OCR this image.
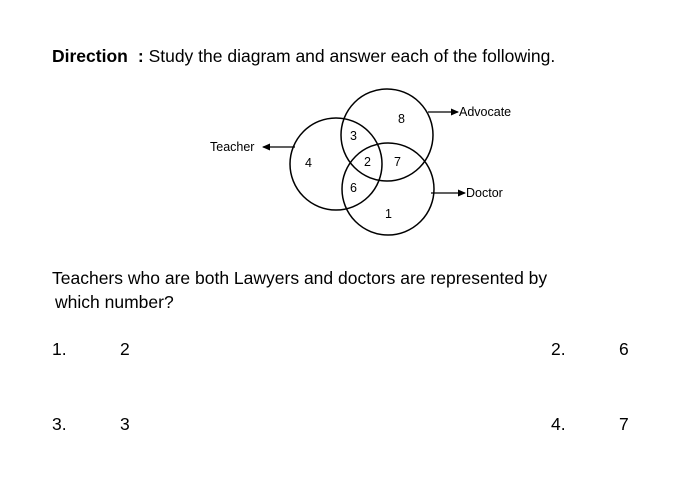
Direction : Study the diagram and answer each of the following.
Advocate
Doctor
Teacher
4
3
2 7
8
6
1
Teachers who are both Lawyers and doctors are represented by
which number?
1.	2	2.	6
3.	3	4.	7
